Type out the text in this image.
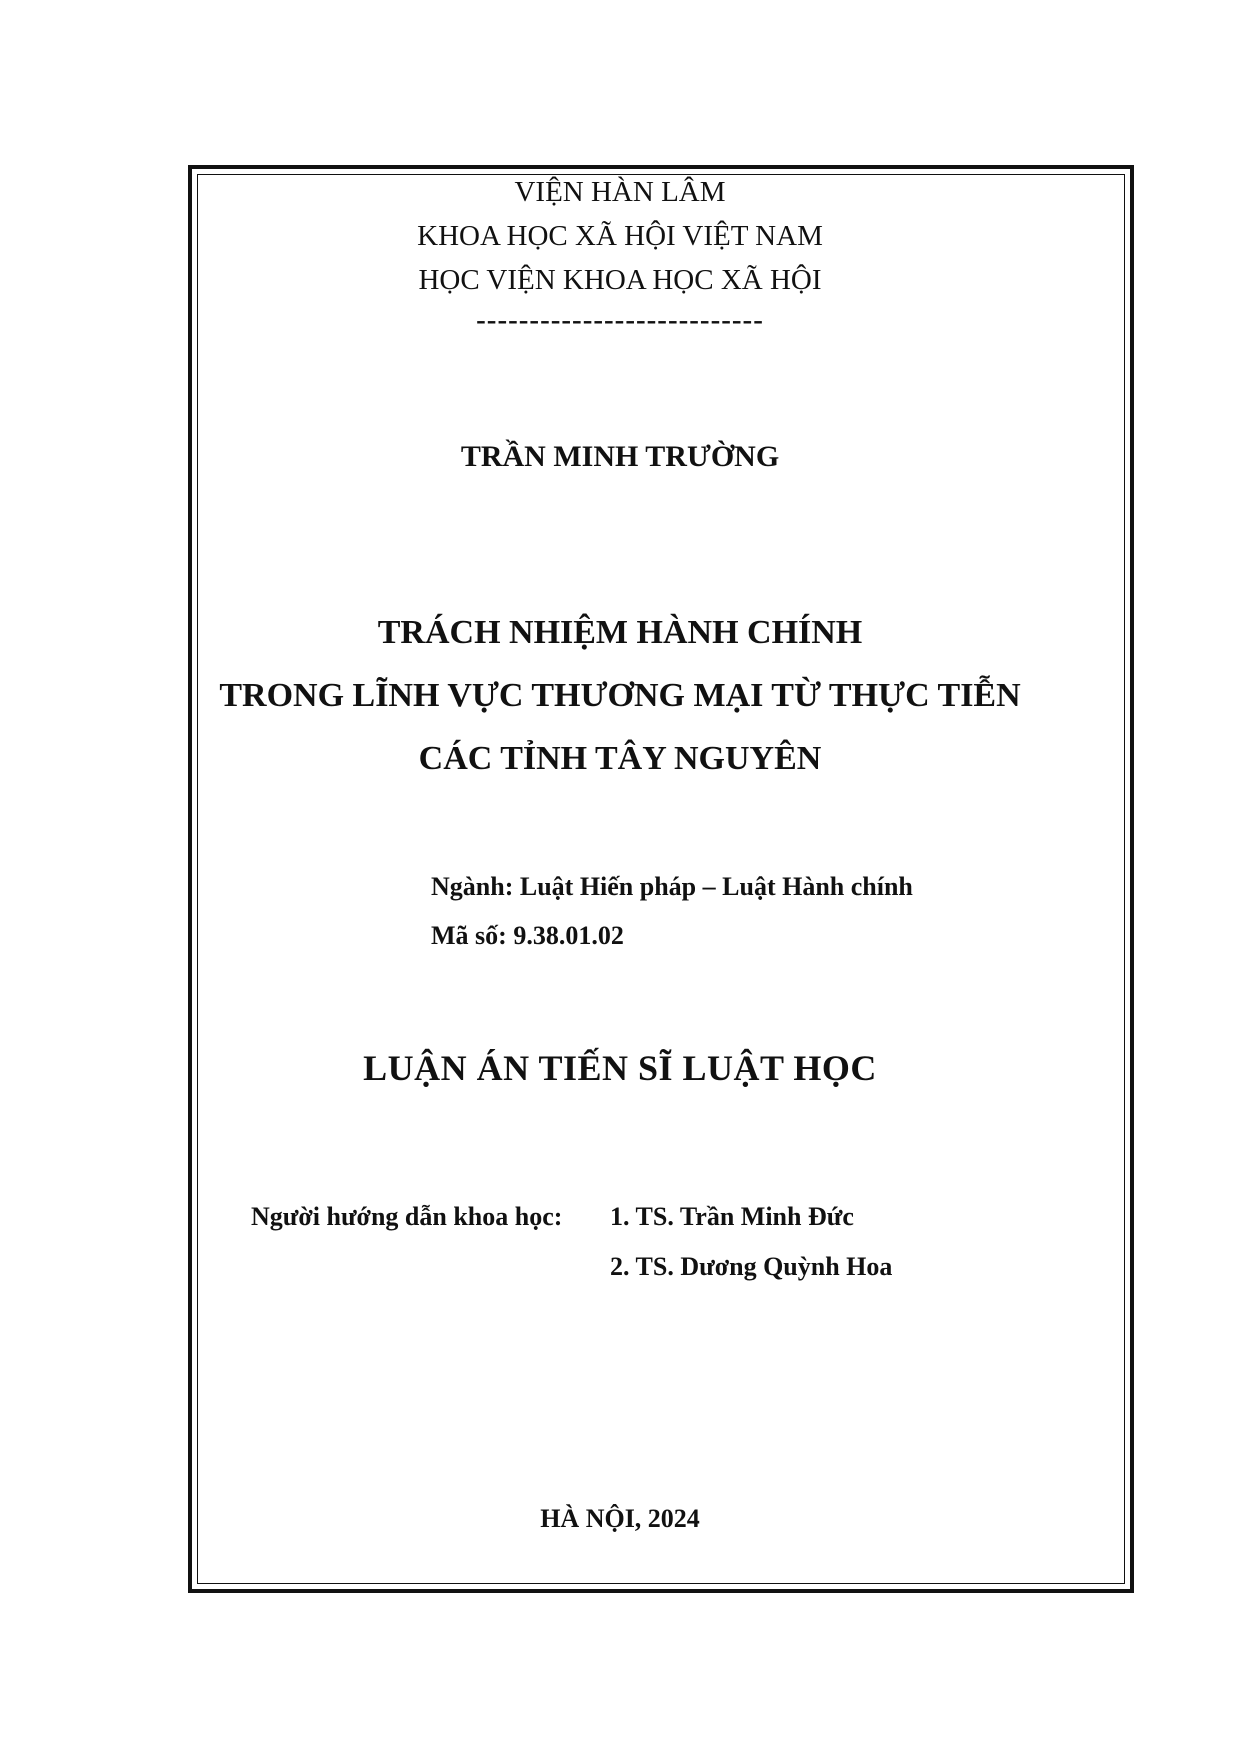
VIỆN HÀN LÂM
KHOA HỌC XÃ HỘI VIỆT NAM
HỌC VIỆN KHOA HỌC XÃ HỘI
---------------------------
TRẦN MINH TRƯỜNG
TRÁCH NHIỆM HÀNH CHÍNH
TRONG LĨNH VỰC THƯƠNG MẠI TỪ THỰC TIỄN
CÁC TỈNH TÂY NGUYÊN
Ngành: Luật Hiến pháp – Luật Hành chính
Mã số: 9.38.01.02
LUẬN ÁN TIẾN SĨ LUẬT HỌC
Người hướng dẫn khoa học: 1. TS. Trần Minh Đức
2. TS. Dương Quỳnh Hoa
HÀ NỘI, 2024
